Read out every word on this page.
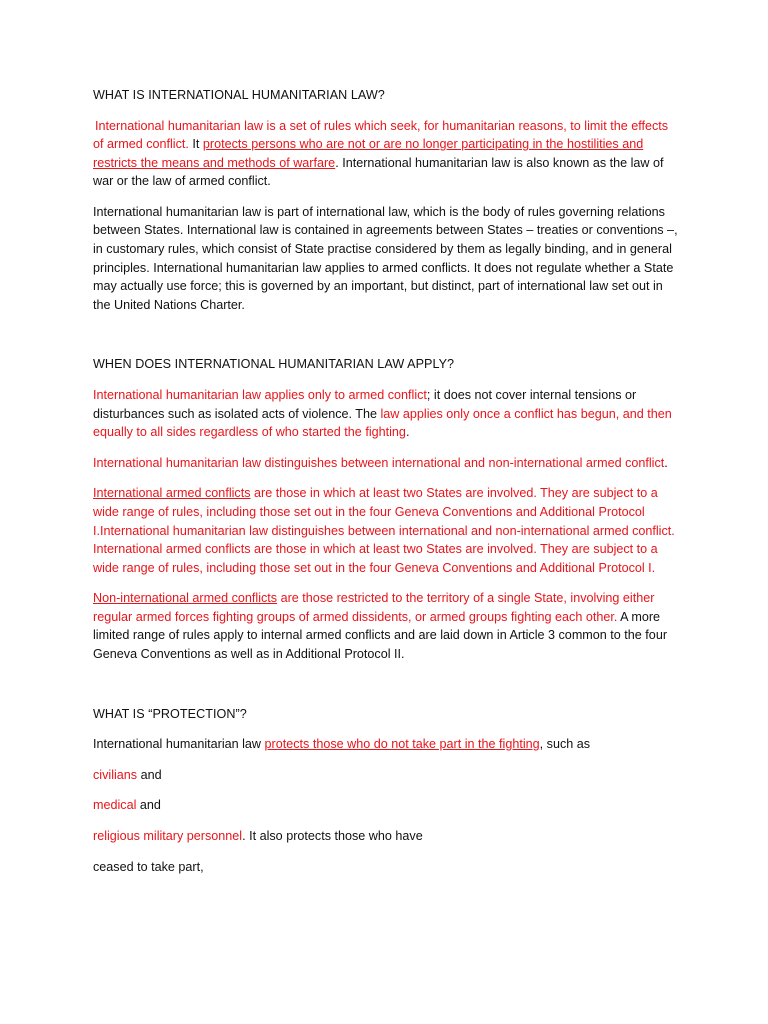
WHAT IS INTERNATIONAL HUMANITARIAN LAW?

International humanitarian law is a set of rules which seek, for humanitarian reasons, to limit the effects of armed conflict. It protects persons who are not or are no longer participating in the hostilities and restricts the means and methods of warfare. International humanitarian law is also known as the law of war or the law of armed conflict.

International humanitarian law is part of international law, which is the body of rules governing relations between States. International law is contained in agreements between States – treaties or conventions –, in customary rules, which consist of State practise considered by them as legally binding, and in general principles. International humanitarian law applies to armed conflicts. It does not regulate whether a State may actually use force; this is governed by an important, but distinct, part of international law set out in the United Nations Charter.

WHEN DOES INTERNATIONAL HUMANITARIAN LAW APPLY?

International humanitarian law applies only to armed conflict; it does not cover internal tensions or disturbances such as isolated acts of violence. The law applies only once a conflict has begun, and then equally to all sides regardless of who started the fighting.

International humanitarian law distinguishes between international and non-international armed conflict.

International armed conflicts are those in which at least two States are involved. They are subject to a wide range of rules, including those set out in the four Geneva Conventions and Additional Protocol I.International humanitarian law distinguishes between international and non-international armed conflict. International armed conflicts are those in which at least two States are involved. They are subject to a wide range of rules, including those set out in the four Geneva Conventions and Additional Protocol I.

Non-international armed conflicts are those restricted to the territory of a single State, involving either regular armed forces fighting groups of armed dissidents, or armed groups fighting each other. A more limited range of rules apply to internal armed conflicts and are laid down in Article 3 common to the four Geneva Conventions as well as in Additional Protocol II.

WHAT IS “PROTECTION”?

International humanitarian law protects those who do not take part in the fighting, such as

civilians and

medical and

religious military personnel. It also protects those who have

ceased to take part,
